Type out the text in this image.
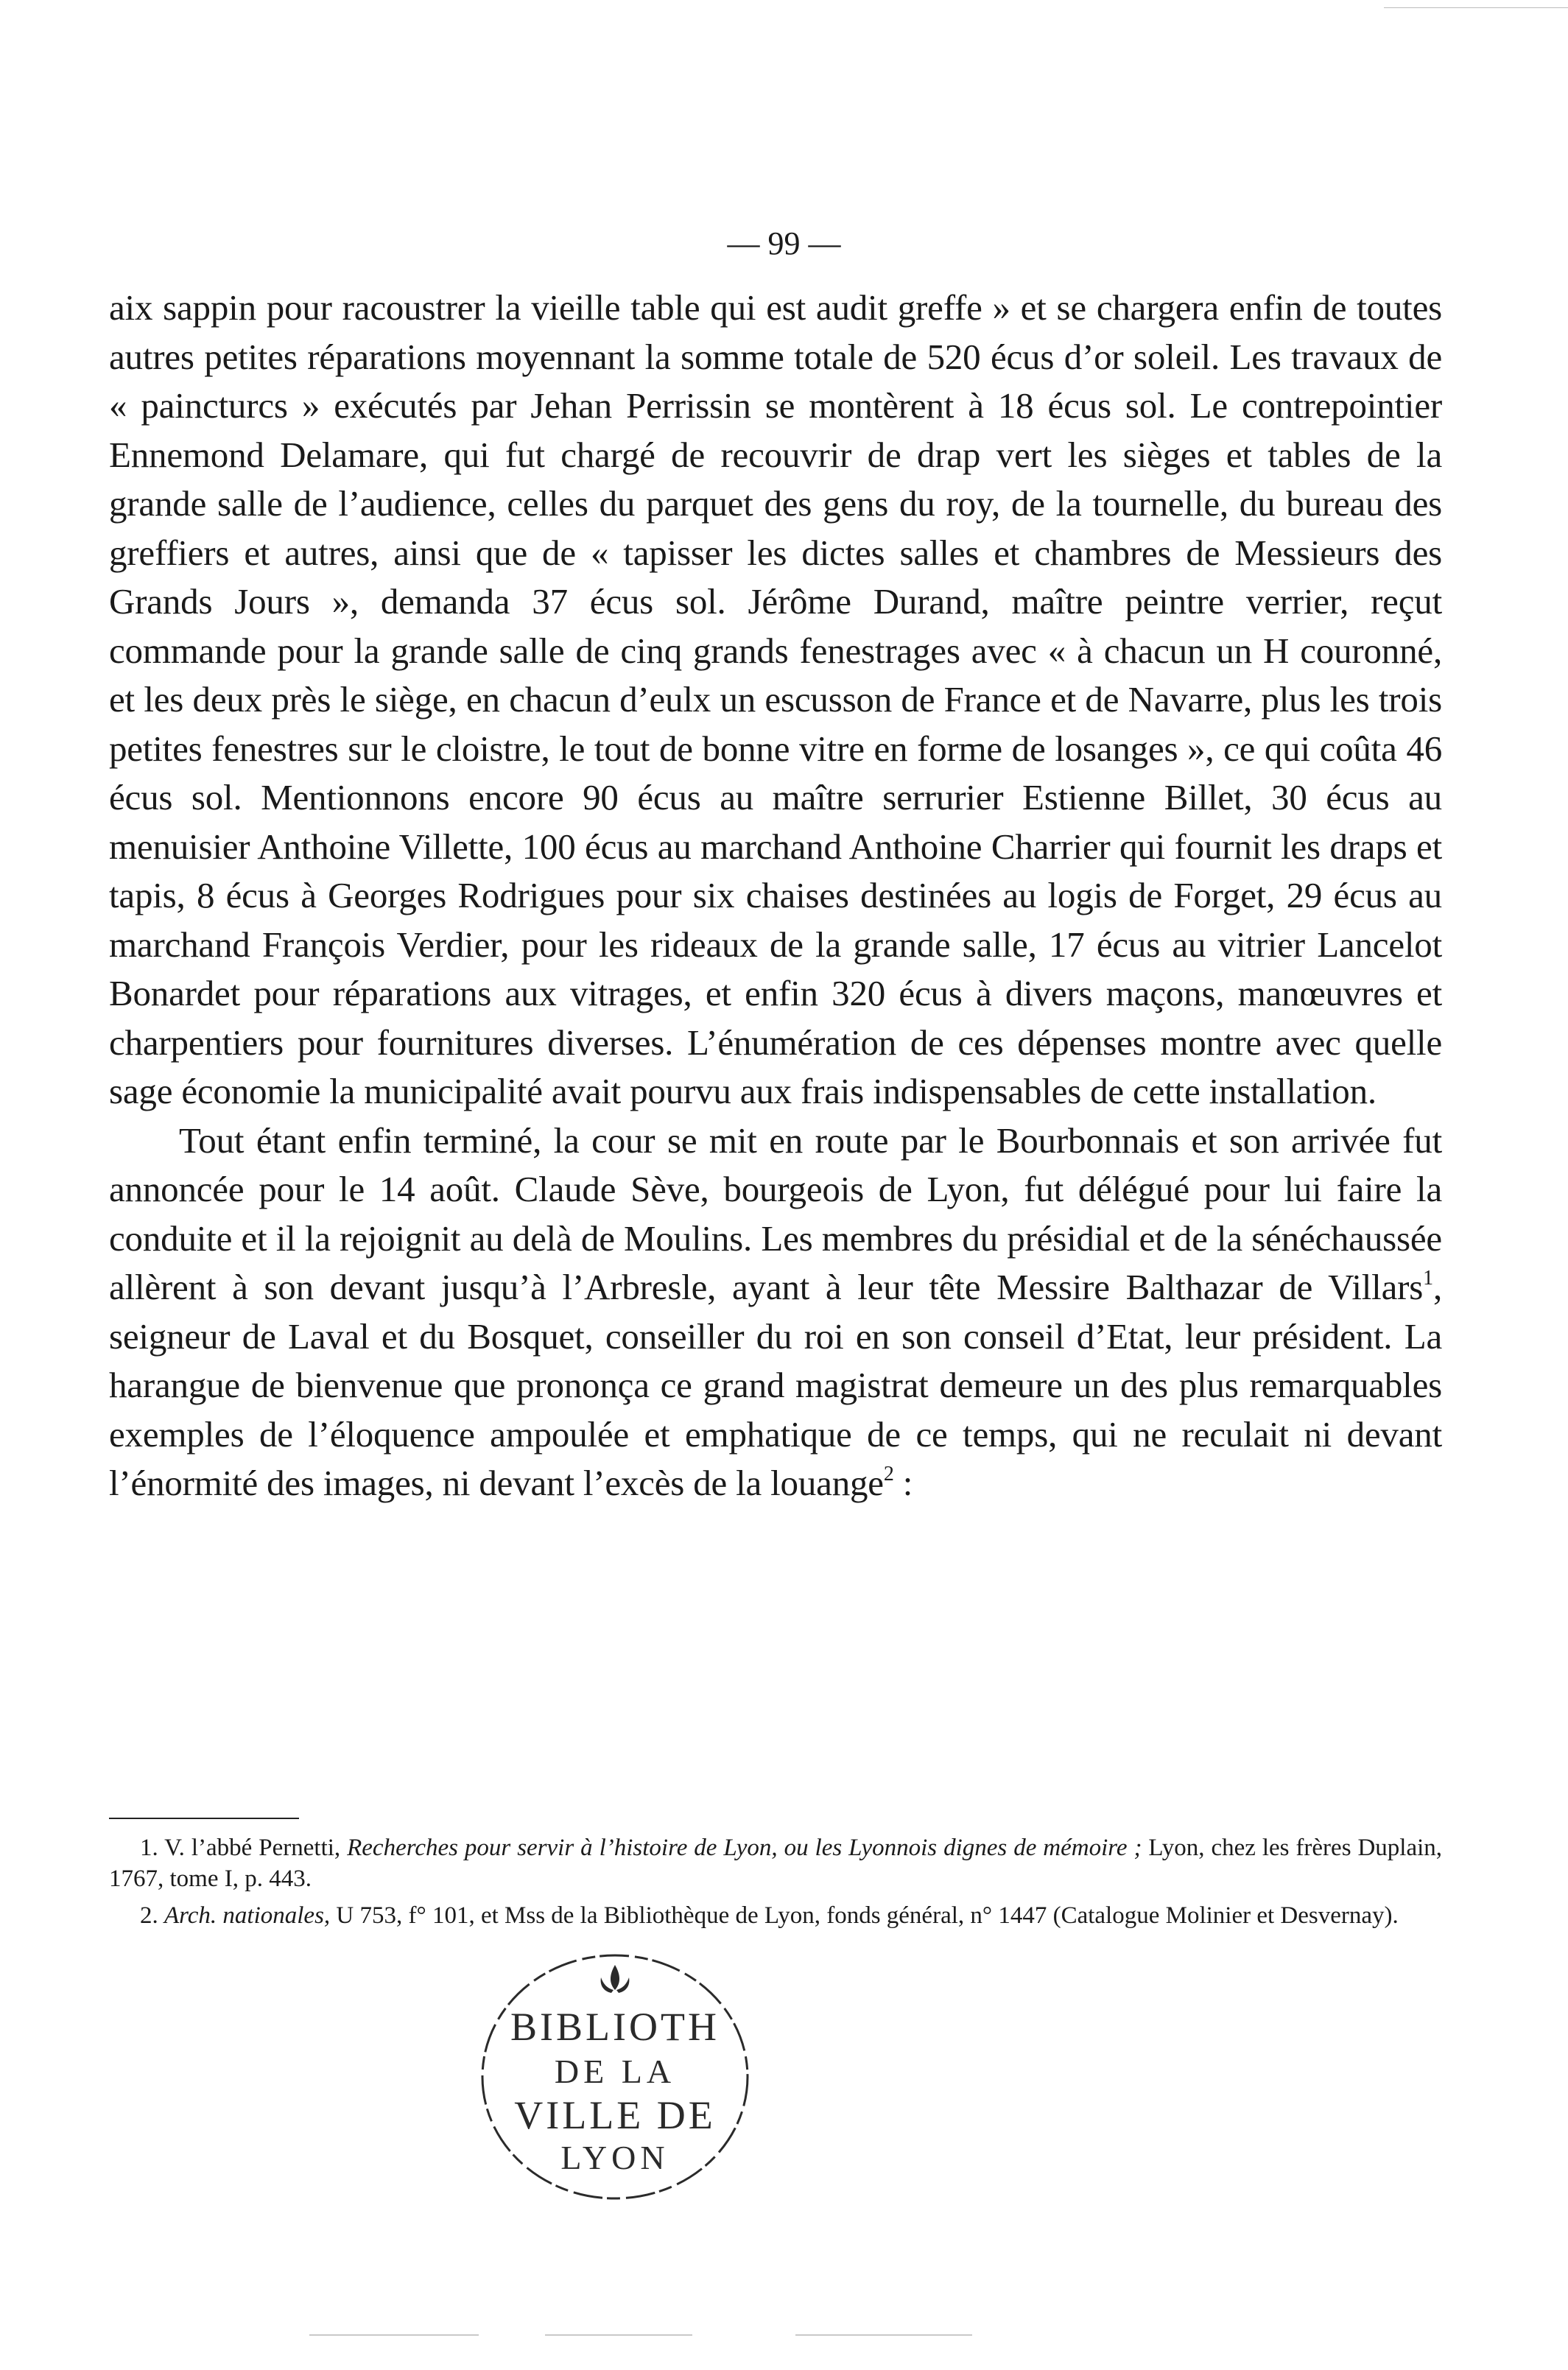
— 99 —

aix sappin pour racoustrer la vieille table qui est audit greffe » et se chargera enfin de toutes autres petites réparations moyennant la somme totale de 520 écus d’or soleil. Les travaux de « paincturcs » exécutés par Jehan Perrissin se montèrent à 18 écus sol. Le contrepointier Ennemond Delamare, qui fut chargé de recouvrir de drap vert les sièges et tables de la grande salle de l’audience, celles du parquet des gens du roy, de la tournelle, du bureau des greffiers et autres, ainsi que de « tapisser les dictes salles et chambres de Messieurs des Grands Jours », demanda 37 écus sol. Jérôme Durand, maître peintre verrier, reçut commande pour la grande salle de cinq grands fenestrages avec « à chacun un H couronné, et les deux près le siège, en chacun d’eulx un escusson de France et de Navarre, plus les trois petites fenestres sur le cloistre, le tout de bonne vitre en forme de losanges », ce qui coûta 46 écus sol. Mentionnons encore 90 écus au maître serrurier Estienne Billet, 30 écus au menuisier Anthoine Villette, 100 écus au marchand Anthoine Charrier qui fournit les draps et tapis, 8 écus à Georges Rodrigues pour six chaises destinées au logis de Forget, 29 écus au marchand François Verdier, pour les rideaux de la grande salle, 17 écus au vitrier Lancelot Bonardet pour réparations aux vitrages, et enfin 320 écus à divers maçons, manœuvres et charpentiers pour fournitures diverses. L’énumération de ces dépenses montre avec quelle sage économie la municipalité avait pourvu aux frais indispensables de cette installation.

Tout étant enfin terminé, la cour se mit en route par le Bourbonnais et son arrivée fut annoncée pour le 14 août. Claude Sève, bourgeois de Lyon, fut délégué pour lui faire la conduite et il la rejoignit au delà de Moulins. Les membres du présidial et de la sénéchaussée allèrent à son devant jusqu’à l’Arbresle, ayant à leur tête Messire Balthazar de Villars$^1$, seigneur de Laval et du Bosquet, conseiller du roi en son conseil d’Etat, leur président. La harangue de bienvenue que prononça ce grand magistrat demeure un des plus remarquables exemples de l’éloquence ampoulée et emphatique de ce temps, qui ne reculait ni devant l’énormité des images, ni devant l’excès de la louange$^2$ :

1. V. l’abbé Pernetti, Recherches pour servir à l’histoire de Lyon, ou les Lyonnois dignes de mémoire ; Lyon, chez les frères Duplain, 1767, tome I, p. 443.

2. Arch. nationales, U 753, f° 101, et Mss de la Bibliothèque de Lyon, fonds général, n° 1447 (Catalogue Molinier et Desvernay).

BIBLIOTH
DE LA
VILLE DE
LYON
